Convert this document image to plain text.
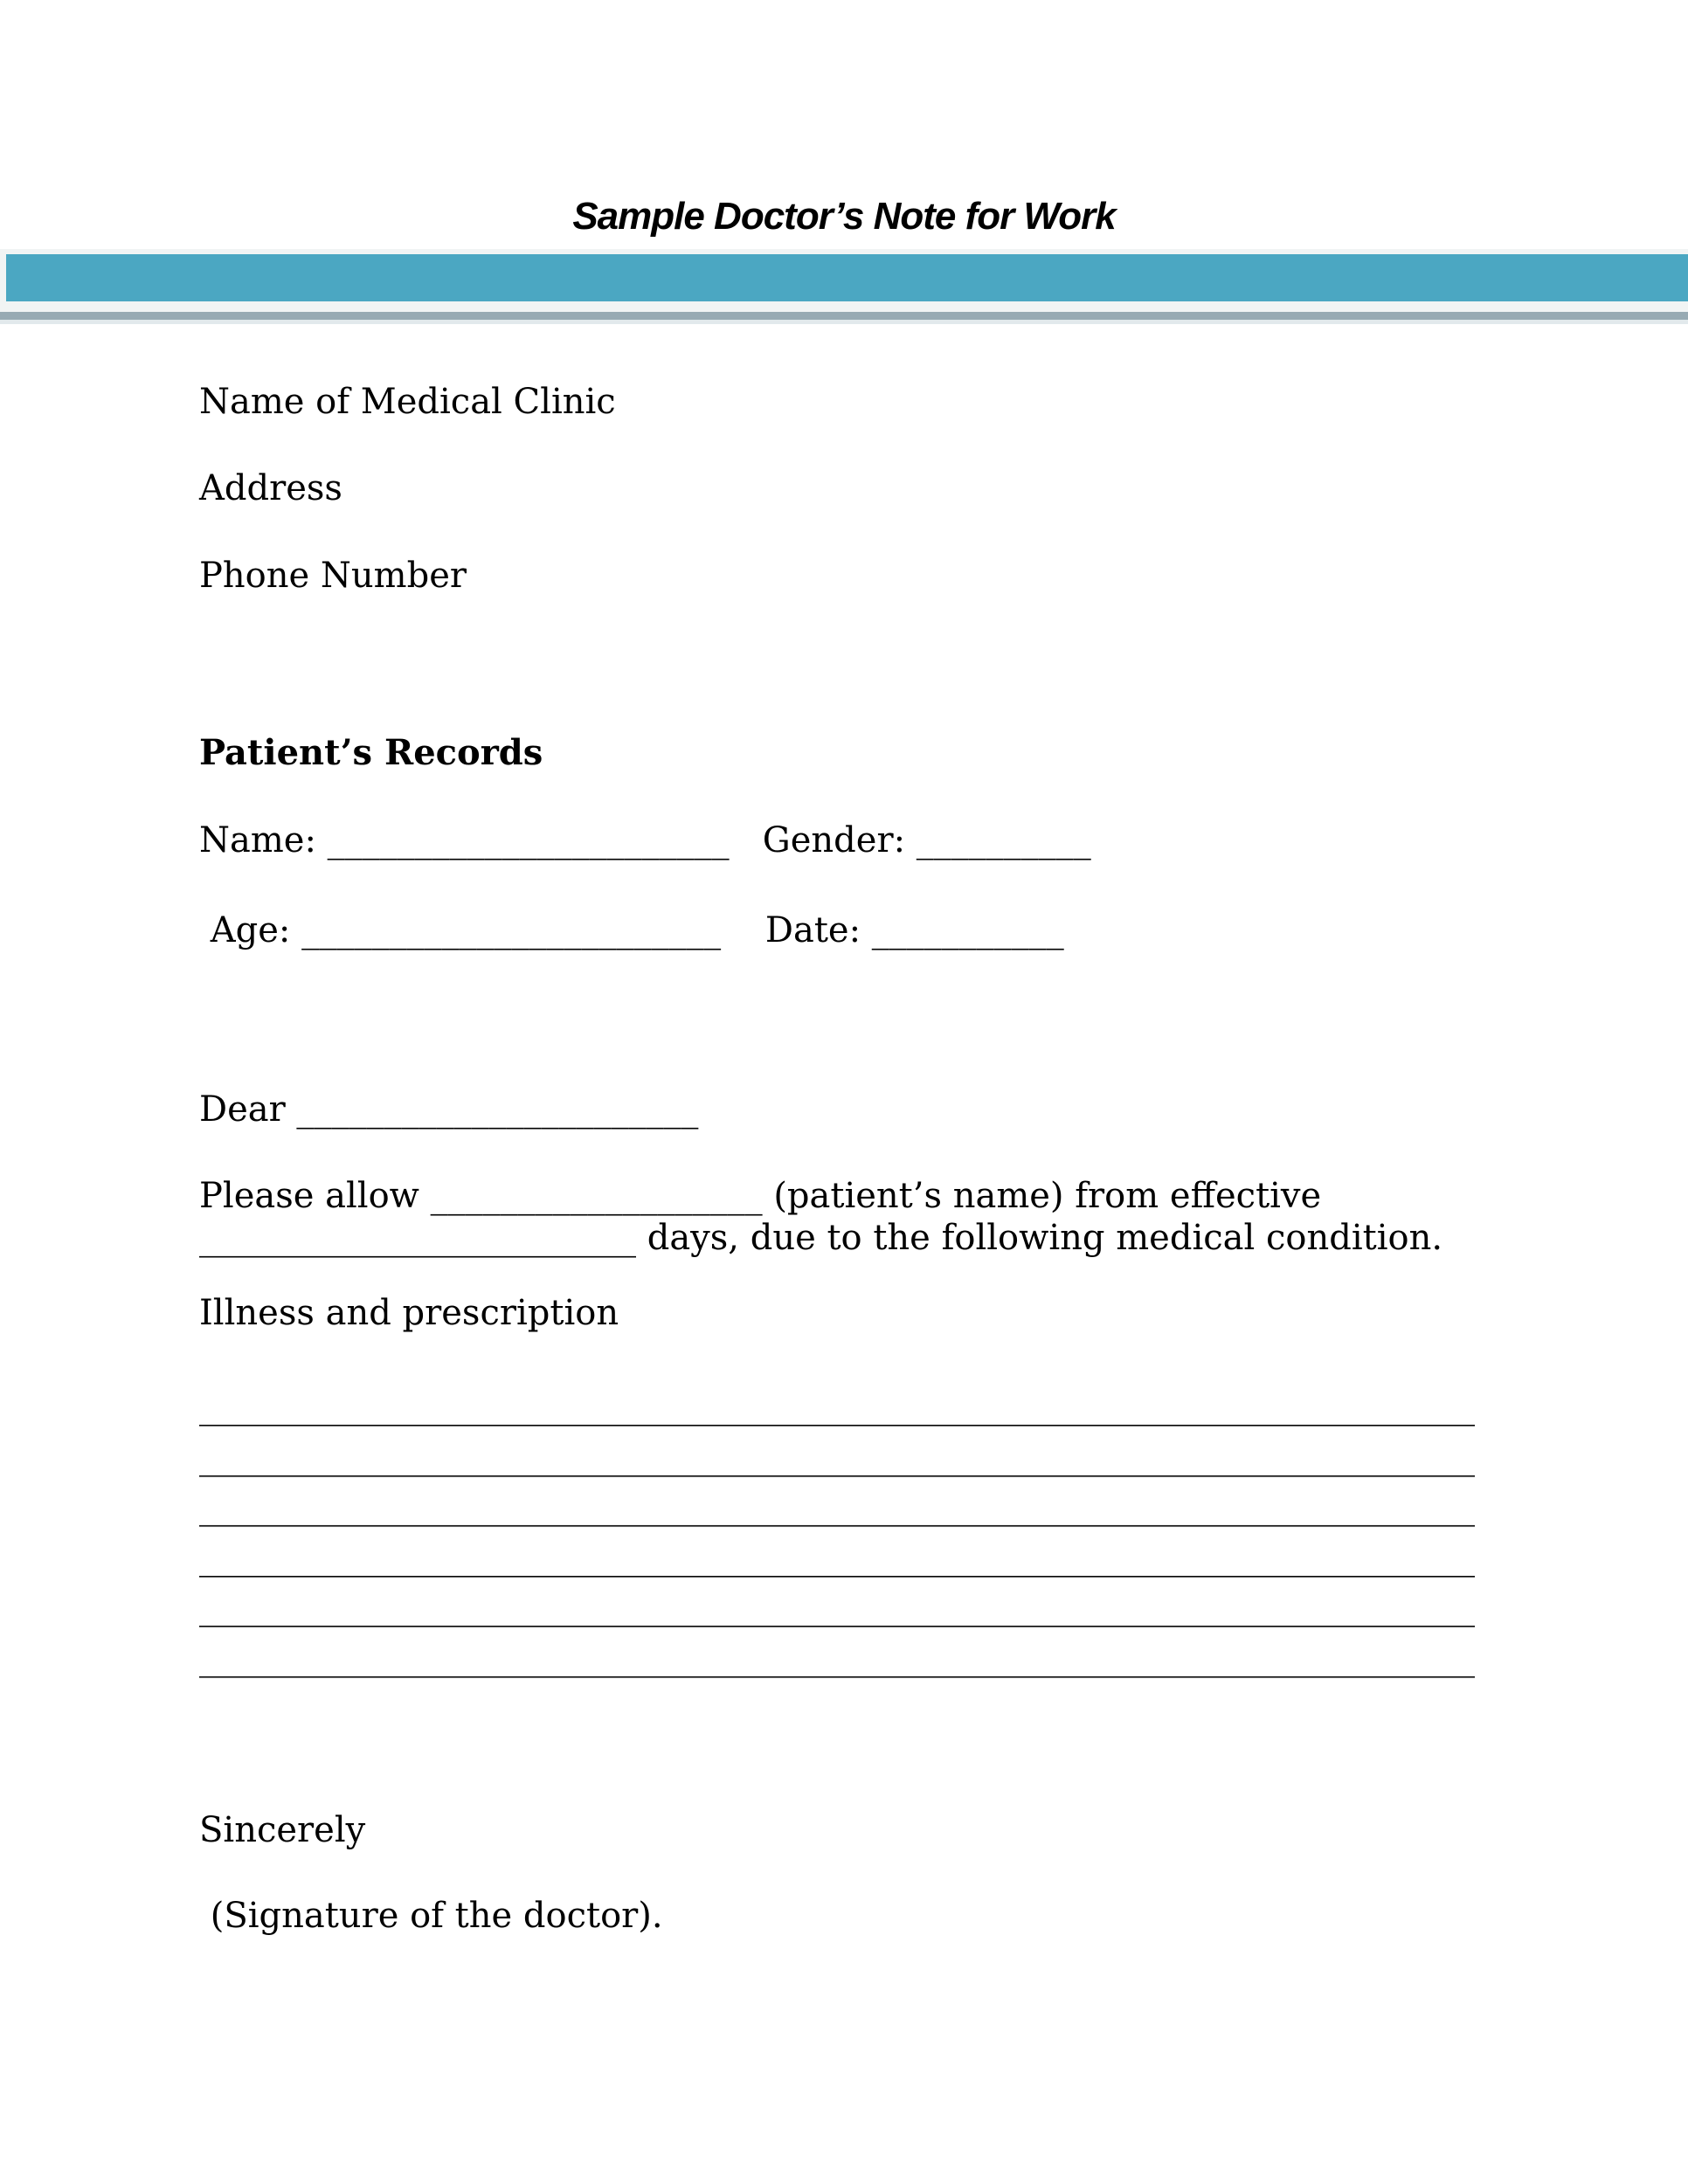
Sample Doctor’s Note for Work

Name of Medical Clinic

Address

Phone Number

Patient’s Records

Name: _______________________   Gender: __________

Age: ________________________    Date: ___________

Dear _______________________

Please allow ___________________ (patient’s name) from effective

_________________________ days, due to the following medical condition.

Illness and prescription

_________________________________________________________________________

_________________________________________________________________________

_________________________________________________________________________

_________________________________________________________________________

_________________________________________________________________________

_________________________________________________________________________

Sincerely

(Signature of the doctor).
